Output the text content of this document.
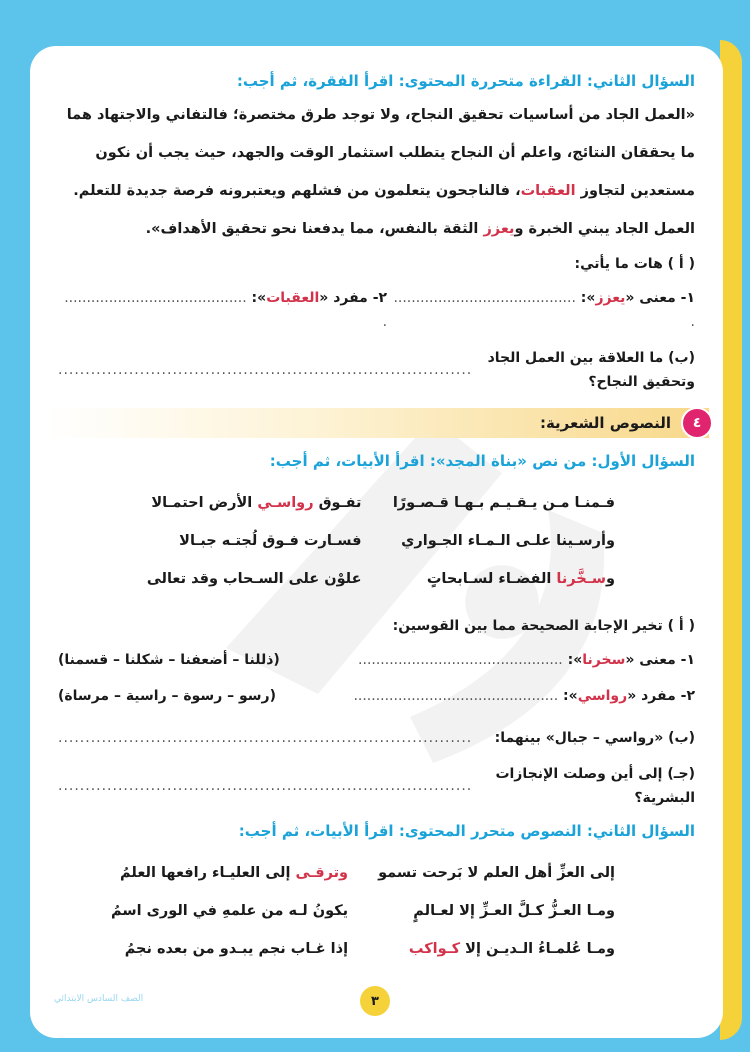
السؤال الثاني: القراءة متحررة المحتوى: اقرأ الفقرة، ثم أجب:

«العمل الجاد من أساسيات تحقيق النجاح، ولا توجد طرق مختصرة؛ فالتفاني والاجتهاد هما ما يحققان النتائج، واعلم أن النجاح يتطلب استثمار الوقت والجهد، حيث يجب أن نكون مستعدين لتجاوز العقبات، فالناجحون يتعلمون من فشلهم ويعتبرونه فرصة جديدة للتعلم. العمل الجاد يبني الخبرة ويعزز الثقة بالنفس، مما يدفعنا نحو تحقيق الأهداف».

( أ ) هات ما يأتي:
١- معنى «يعزز»: ......................................... .
٢- مفرد «العقبات»: ......................................... .
(ب) ما العلاقة بين العمل الجاد وتحقيق النجاح؟
............................................................................
٤
النصوص الشعرية:

السؤال الأول: من نص «بناة المجد»: اقرأ الأبيات، ثم أجب:

فـمنـا مـن يـقـيـم بـهـا قـصـورًا
تفـوق رواسـي الأرض احتمـالا
وأرسـينا علـى الـمـاء الجـواري
فسـارت فـوق لُجتـه جبـالا
وسـخَّرنا الفضـاء لسـابحاتٍ
علوْن على السـحاب وقد تعالى
( أ ) تخير الإجابة الصحيحة مما بين القوسين:
١- معنى «سخرنا»: ..............................................
(ذللنا – أضعفنا – شكلنا – قسمنا)
٢- مفرد «رواسي»: ..............................................
(رسو – رسوة – راسية – مرساة)
(ب) «رواسي – جبال» بينهما:
............................................................................
(جـ) إلى أين وصلت الإنجازات البشرية؟
............................................................................

السؤال الثاني: النصوص متحرر المحتوى: اقرأ الأبيات، ثم أجب:

إلى العزِّ أهل العلم لا بَرحت تسمو
وترقـى إلى العليـاء رافعها العلمُ
ومـا العـزُّ كـلَّ العـزِّ إلا لعـالمٍ
يكونُ لـه من علمهِ في الورى اسمُ
ومـا عُلمـاءُ الـديـن إلا كـواكب
إذا غـاب نجم يبـدو من بعده نجمُ
الصف السادس الابتدائي	٣
